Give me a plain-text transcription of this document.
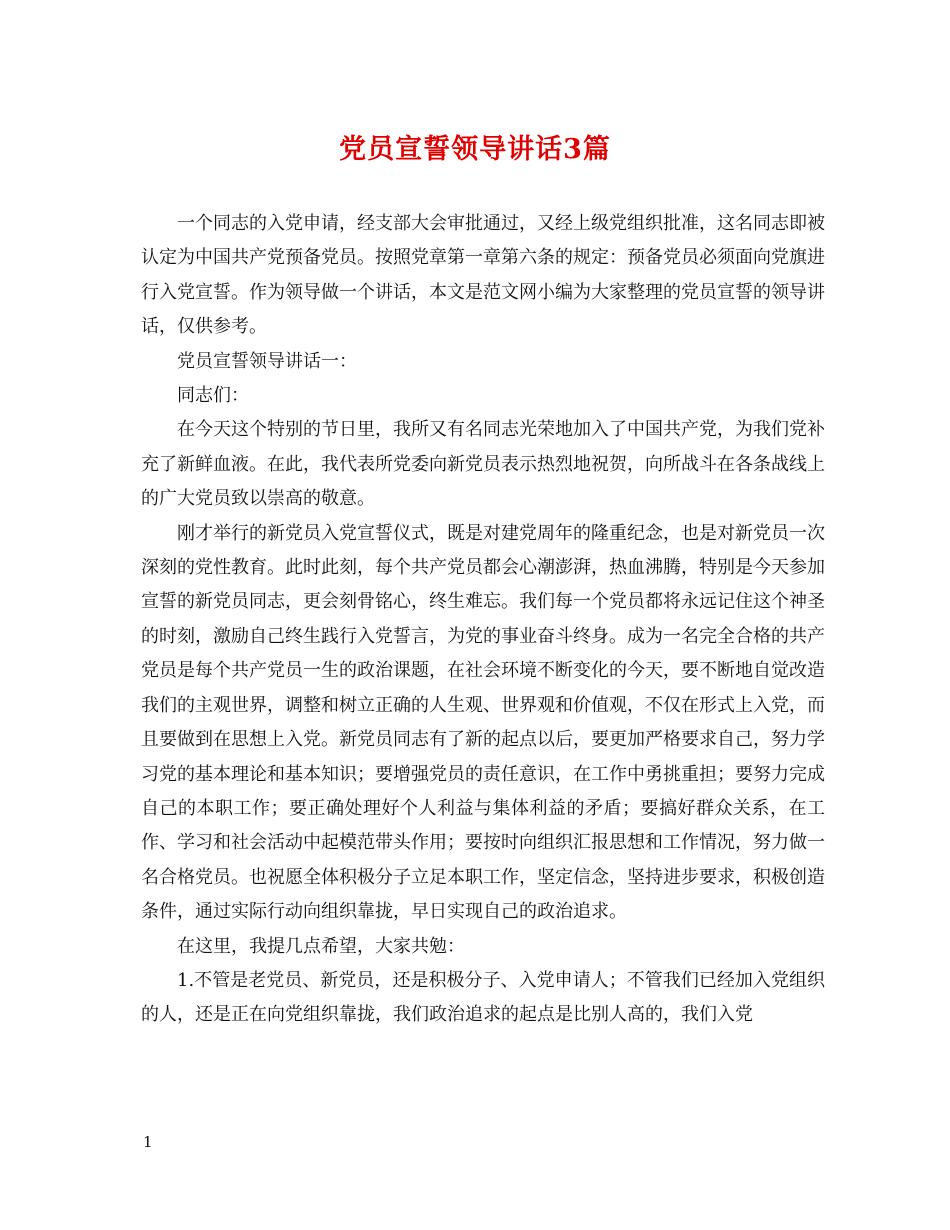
党员宣誓领导讲话3篇

一个同志的入党申请，经支部大会审批通过，又经上级党组织批准，这名同志即被认定为中国共产党预备党员。按照党章第一章第六条的规定：预备党员必须面向党旗进行入党宣誓。作为领导做一个讲话，本文是范文网小编为大家整理的党员宣誓的领导讲话，仅供参考。

党员宣誓领导讲话一：

同志们：

在今天这个特别的节日里，我所又有名同志光荣地加入了中国共产党，为我们党补充了新鲜血液。在此，我代表所党委向新党员表示热烈地祝贺，向所战斗在各条战线上的广大党员致以崇高的敬意。

刚才举行的新党员入党宣誓仪式，既是对建党周年的隆重纪念，也是对新党员一次深刻的党性教育。此时此刻，每个共产党员都会心潮澎湃，热血沸腾，特别是今天参加宣誓的新党员同志，更会刻骨铭心，终生难忘。我们每一个党员都将永远记住这个神圣的时刻，激励自己终生践行入党誓言，为党的事业奋斗终身。成为一名完全合格的共产党员是每个共产党员一生的政治课题，在社会环境不断变化的今天，要不断地自觉改造我们的主观世界，调整和树立正确的人生观、世界观和价值观，不仅在形式上入党，而且要做到在思想上入党。新党员同志有了新的起点以后，要更加严格要求自己，努力学习党的基本理论和基本知识；要增强党员的责任意识，在工作中勇挑重担；要努力完成自己的本职工作；要正确处理好个人利益与集体利益的矛盾；要搞好群众关系，在工作、学习和社会活动中起模范带头作用；要按时向组织汇报思想和工作情况，努力做一名合格党员。也祝愿全体积极分子立足本职工作，坚定信念，坚持进步要求，积极创造条件，通过实际行动向组织靠拢，早日实现自己的政治追求。

在这里，我提几点希望，大家共勉：

1.不管是老党员、新党员，还是积极分子、入党申请人；不管我们已经加入党组织的人，还是正在向党组织靠拢，我们政治追求的起点是比别人高的，我们入党

1
